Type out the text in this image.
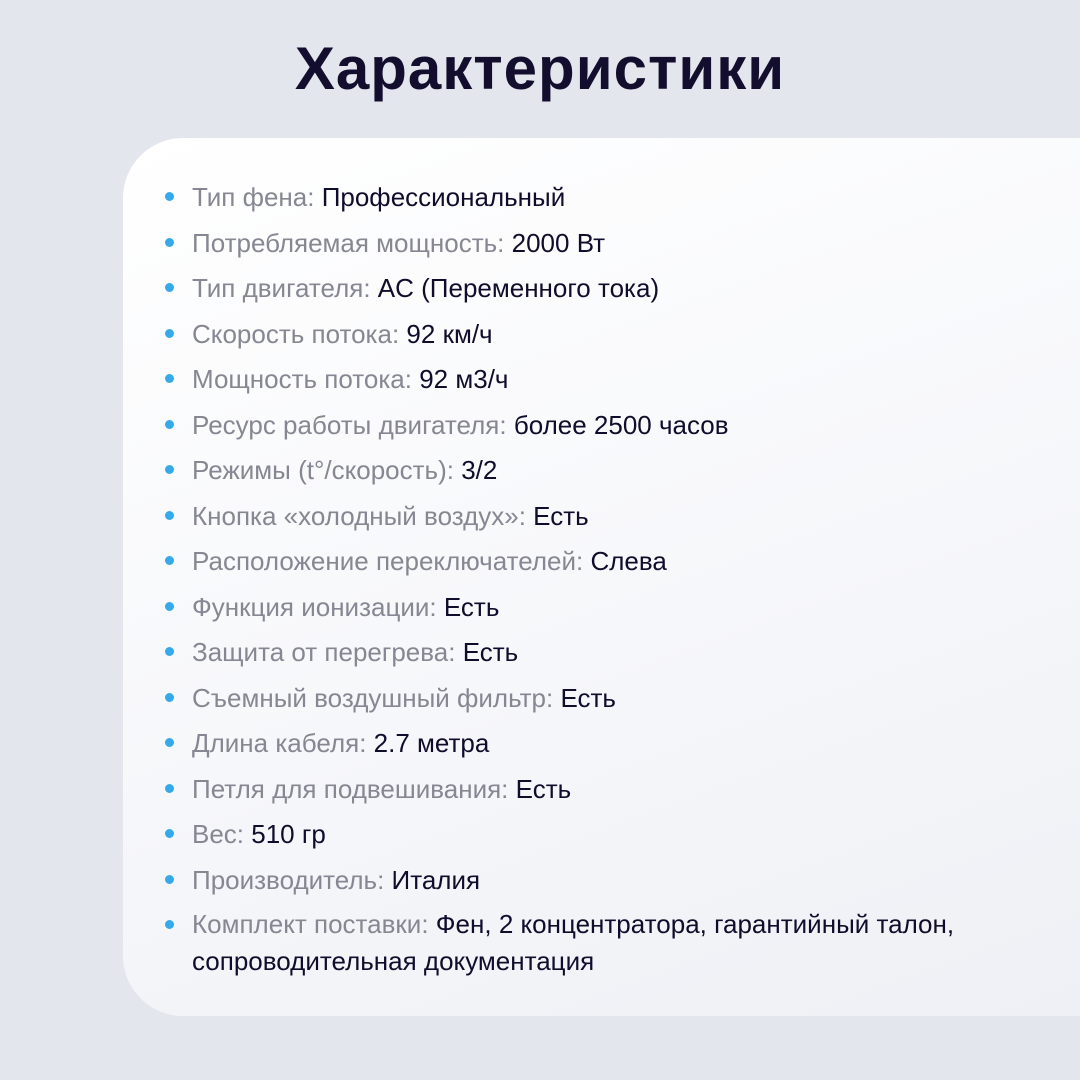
Характеристики
Тип фена: Профессиональный
Потребляемая мощность: 2000 Вт
Тип двигателя: AC (Переменного тока)
Скорость потока: 92 км/ч
Мощность потока: 92 м3/ч
Ресурс работы двигателя: более 2500 часов
Режимы (t°/скорость): 3/2
Кнопка «холодный воздух»: Есть
Расположение переключателей: Слева
Функция ионизации: Есть
Защита от перегрева: Есть
Съемный воздушный фильтр: Есть
Длина кабеля: 2.7 метра
Петля для подвешивания: Есть
Вес: 510 гр
Производитель: Италия
Комплект поставки: Фен, 2 концентратора, гарантийный талон, сопроводительная документация
